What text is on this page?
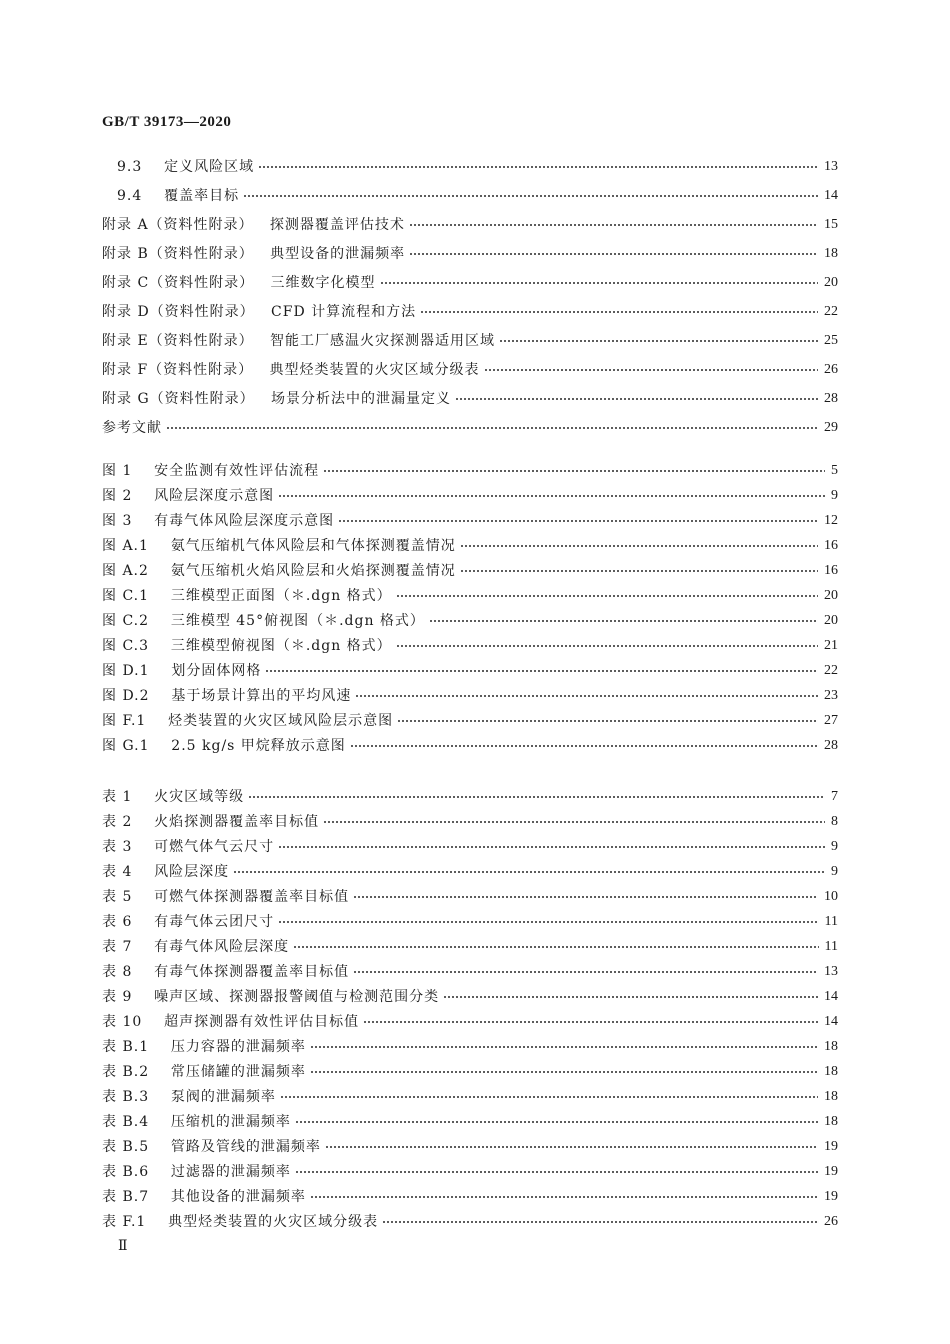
GB/T 39173—2020
9.3    定义风险区域	13
9.4    覆盖率目标	14
附录 A（资料性附录）   探测器覆盖评估技术	15
附录 B（资料性附录）   典型设备的泄漏频率	18
附录 C（资料性附录）   三维数字化模型	20
附录 D（资料性附录）   CFD 计算流程和方法	22
附录 E（资料性附录）   智能工厂感温火灾探测器适用区域	25
附录 F（资料性附录）   典型烃类装置的火灾区域分级表	26
附录 G（资料性附录）   场景分析法中的泄漏量定义	28
参考文献	29
图 1    安全监测有效性评估流程	5
图 2    风险层深度示意图	9
图 3    有毒气体风险层深度示意图	12
图 A.1    氨气压缩机气体风险层和气体探测覆盖情况	16
图 A.2    氨气压缩机火焰风险层和火焰探测覆盖情况	16
图 C.1    三维模型正面图（＊.dgn 格式）	20
图 C.2    三维模型 45°俯视图（＊.dgn 格式）	20
图 C.3    三维模型俯视图（＊.dgn 格式）	21
图 D.1    划分固体网格	22
图 D.2    基于场景计算出的平均风速	23
图 F.1    烃类装置的火灾区域风险层示意图	27
图 G.1    2.5 kg/s 甲烷释放示意图	28
表 1    火灾区域等级	7
表 2    火焰探测器覆盖率目标值	8
表 3    可燃气体气云尺寸	9
表 4    风险层深度	9
表 5    可燃气体探测器覆盖率目标值	10
表 6    有毒气体云团尺寸	11
表 7    有毒气体风险层深度	11
表 8    有毒气体探测器覆盖率目标值	13
表 9    噪声区域、探测器报警阈值与检测范围分类	14
表 10    超声探测器有效性评估目标值	14
表 B.1    压力容器的泄漏频率	18
表 B.2    常压储罐的泄漏频率	18
表 B.3    泵阀的泄漏频率	18
表 B.4    压缩机的泄漏频率	18
表 B.5    管路及管线的泄漏频率	19
表 B.6    过滤器的泄漏频率	19
表 B.7    其他设备的泄漏频率	19
表 F.1    典型烃类装置的火灾区域分级表	26
Ⅱ
